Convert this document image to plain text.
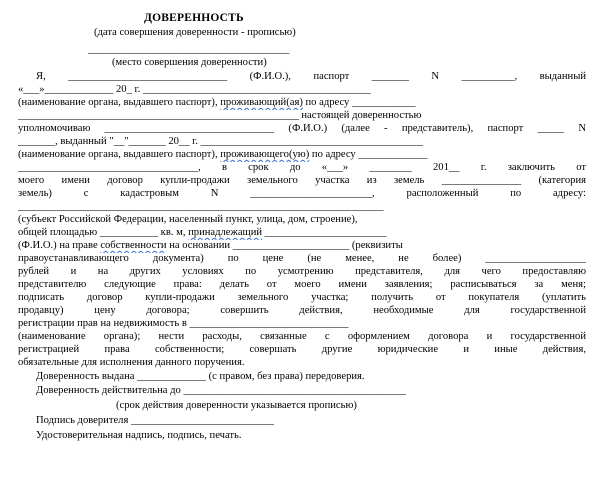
ДОВЕРЕННОСТЬ
(дата совершения доверенности - прописью)
______________________________________
(место совершения доверенности)
Я, ______________________________ (Ф.И.О.), паспорт _______ N __________, выданный
«___»_____________ 20_ г. ___________________________________________
(наименование органа, выдавшего паспорт), проживающий(ая) по адресу ____________
_____________________________________________________ настоящей доверенностью
уполномочиваю ________________________________ (Ф.И.О.) (далее - представитель), паспорт _____ N
_______, выданный "__"_______ 20__ г. __________________________________________
(наименование органа, выдавшего паспорт), проживающего(ую) по адресу _____________
__________________________________, в срок до «___» ________ 201__ г. заключить от
моего имени договор купли-продажи земельного участка из земель _______________ (категория
земель) с кадастровым N _______________________, расположенный по адресу:
_____________________________________________________________________
(субъект Российской Федерации, населенный пункт, улица, дом, строение),
общей площадью ___________ кв. м, принадлежащий _______________________
(Ф.И.О.) на праве собственности на основании ______________________ (реквизиты
правоустанавливающего документа) по цене (не менее, не более) ___________________
рублей и на других условиях по усмотрению представителя, для чего предоставляю
представителю следующие права: делать от моего имени заявления; расписываться за меня;
подписать договор купли-продажи земельного участка; получить от покупателя (уплатить
продавцу) цену договора; совершить действия, необходимые для государственной
регистрации прав на недвижимость в ______________________________
(наименование органа); нести расходы, связанные с оформлением договора и государственной
регистрацией права собственности; совершать другие юридические и иные действия,
обязательные для исполнения данного поручения.
Доверенность выдана _____________ (с правом, без права) передоверия.
Доверенность действительна до __________________________________________
(срок действия доверенности указывается прописью)
Подпись доверителя ___________________________
Удостоверительная надпись, подпись, печать.
